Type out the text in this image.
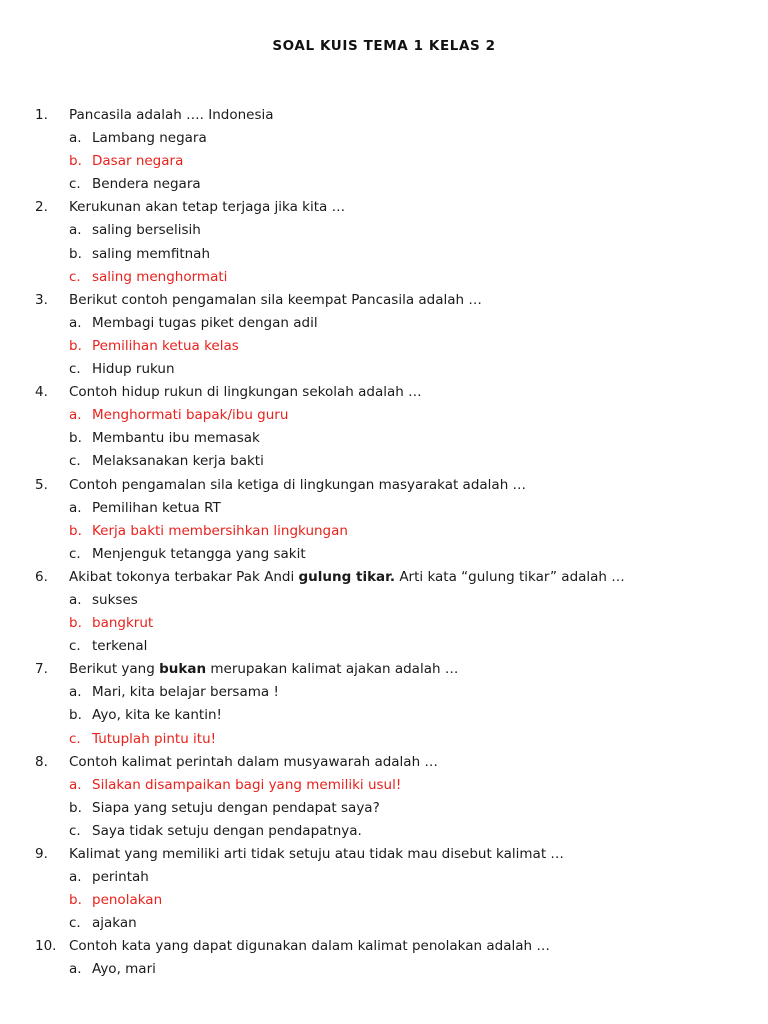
SOAL KUIS TEMA 1 KELAS 2
1. Pancasila adalah …. Indonesia
a. Lambang negara
b. Dasar negara
c. Bendera negara
2. Kerukunan akan tetap terjaga jika kita …
a. saling berselisih
b. saling memfitnah
c. saling menghormati
3. Berikut contoh pengamalan sila keempat Pancasila adalah …
a. Membagi tugas piket dengan adil
b. Pemilihan ketua kelas
c. Hidup rukun
4. Contoh hidup rukun di lingkungan sekolah adalah …
a. Menghormati bapak/ibu guru
b. Membantu ibu memasak
c. Melaksanakan kerja bakti
5. Contoh pengamalan sila ketiga di lingkungan masyarakat adalah …
a. Pemilihan ketua RT
b. Kerja bakti membersihkan lingkungan
c. Menjenguk tetangga yang sakit
6. Akibat tokonya terbakar Pak Andi gulung tikar. Arti kata “gulung tikar” adalah …
a. sukses
b. bangkrut
c. terkenal
7. Berikut yang bukan merupakan kalimat ajakan adalah …
a. Mari, kita belajar bersama !
b. Ayo, kita ke kantin!
c. Tutuplah pintu itu!
8. Contoh kalimat perintah dalam musyawarah adalah …
a. Silakan disampaikan bagi yang memiliki usul!
b. Siapa yang setuju dengan pendapat saya?
c. Saya tidak setuju dengan pendapatnya.
9. Kalimat yang memiliki arti tidak setuju atau tidak mau disebut kalimat …
a. perintah
b. penolakan
c. ajakan
10. Contoh kata yang dapat digunakan dalam kalimat penolakan adalah …
a. Ayo, mari
